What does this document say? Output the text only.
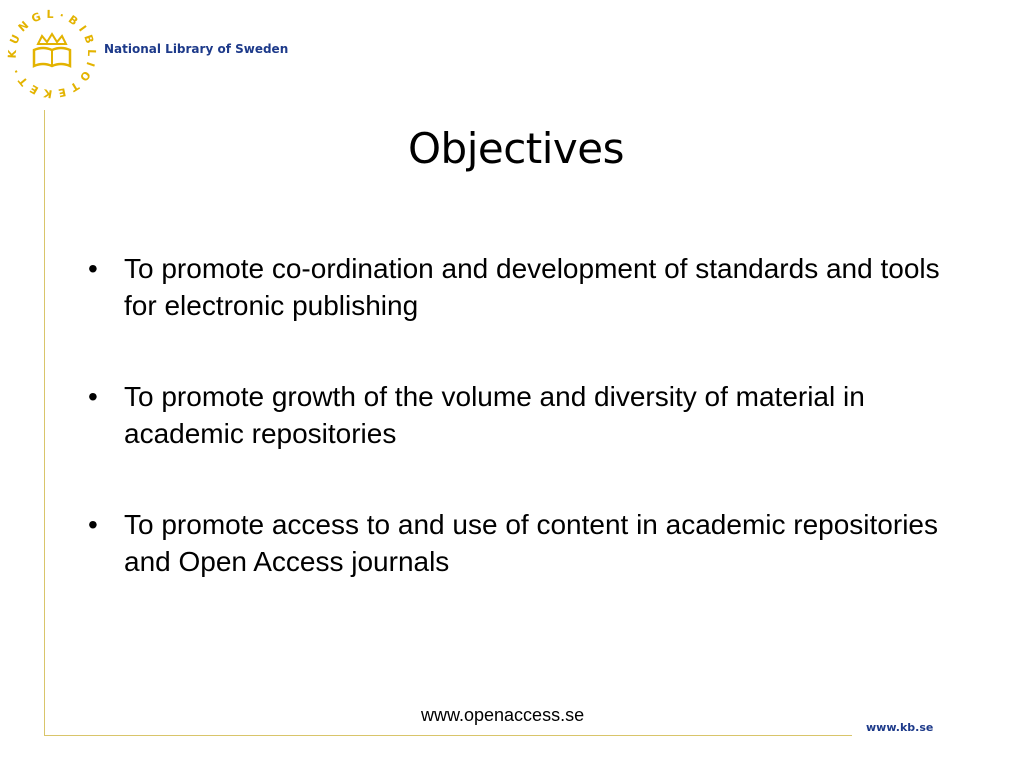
KUNGL·BIBLIOTEKET·
National Library of Sweden
Objectives
• To promote co-ordination and development of standards and tools for electronic publishing
• To promote growth of the volume and diversity of material in academic repositories
• To promote access to and use of content in academic repositories and Open Access journals
www.openaccess.se
www.kb.se
